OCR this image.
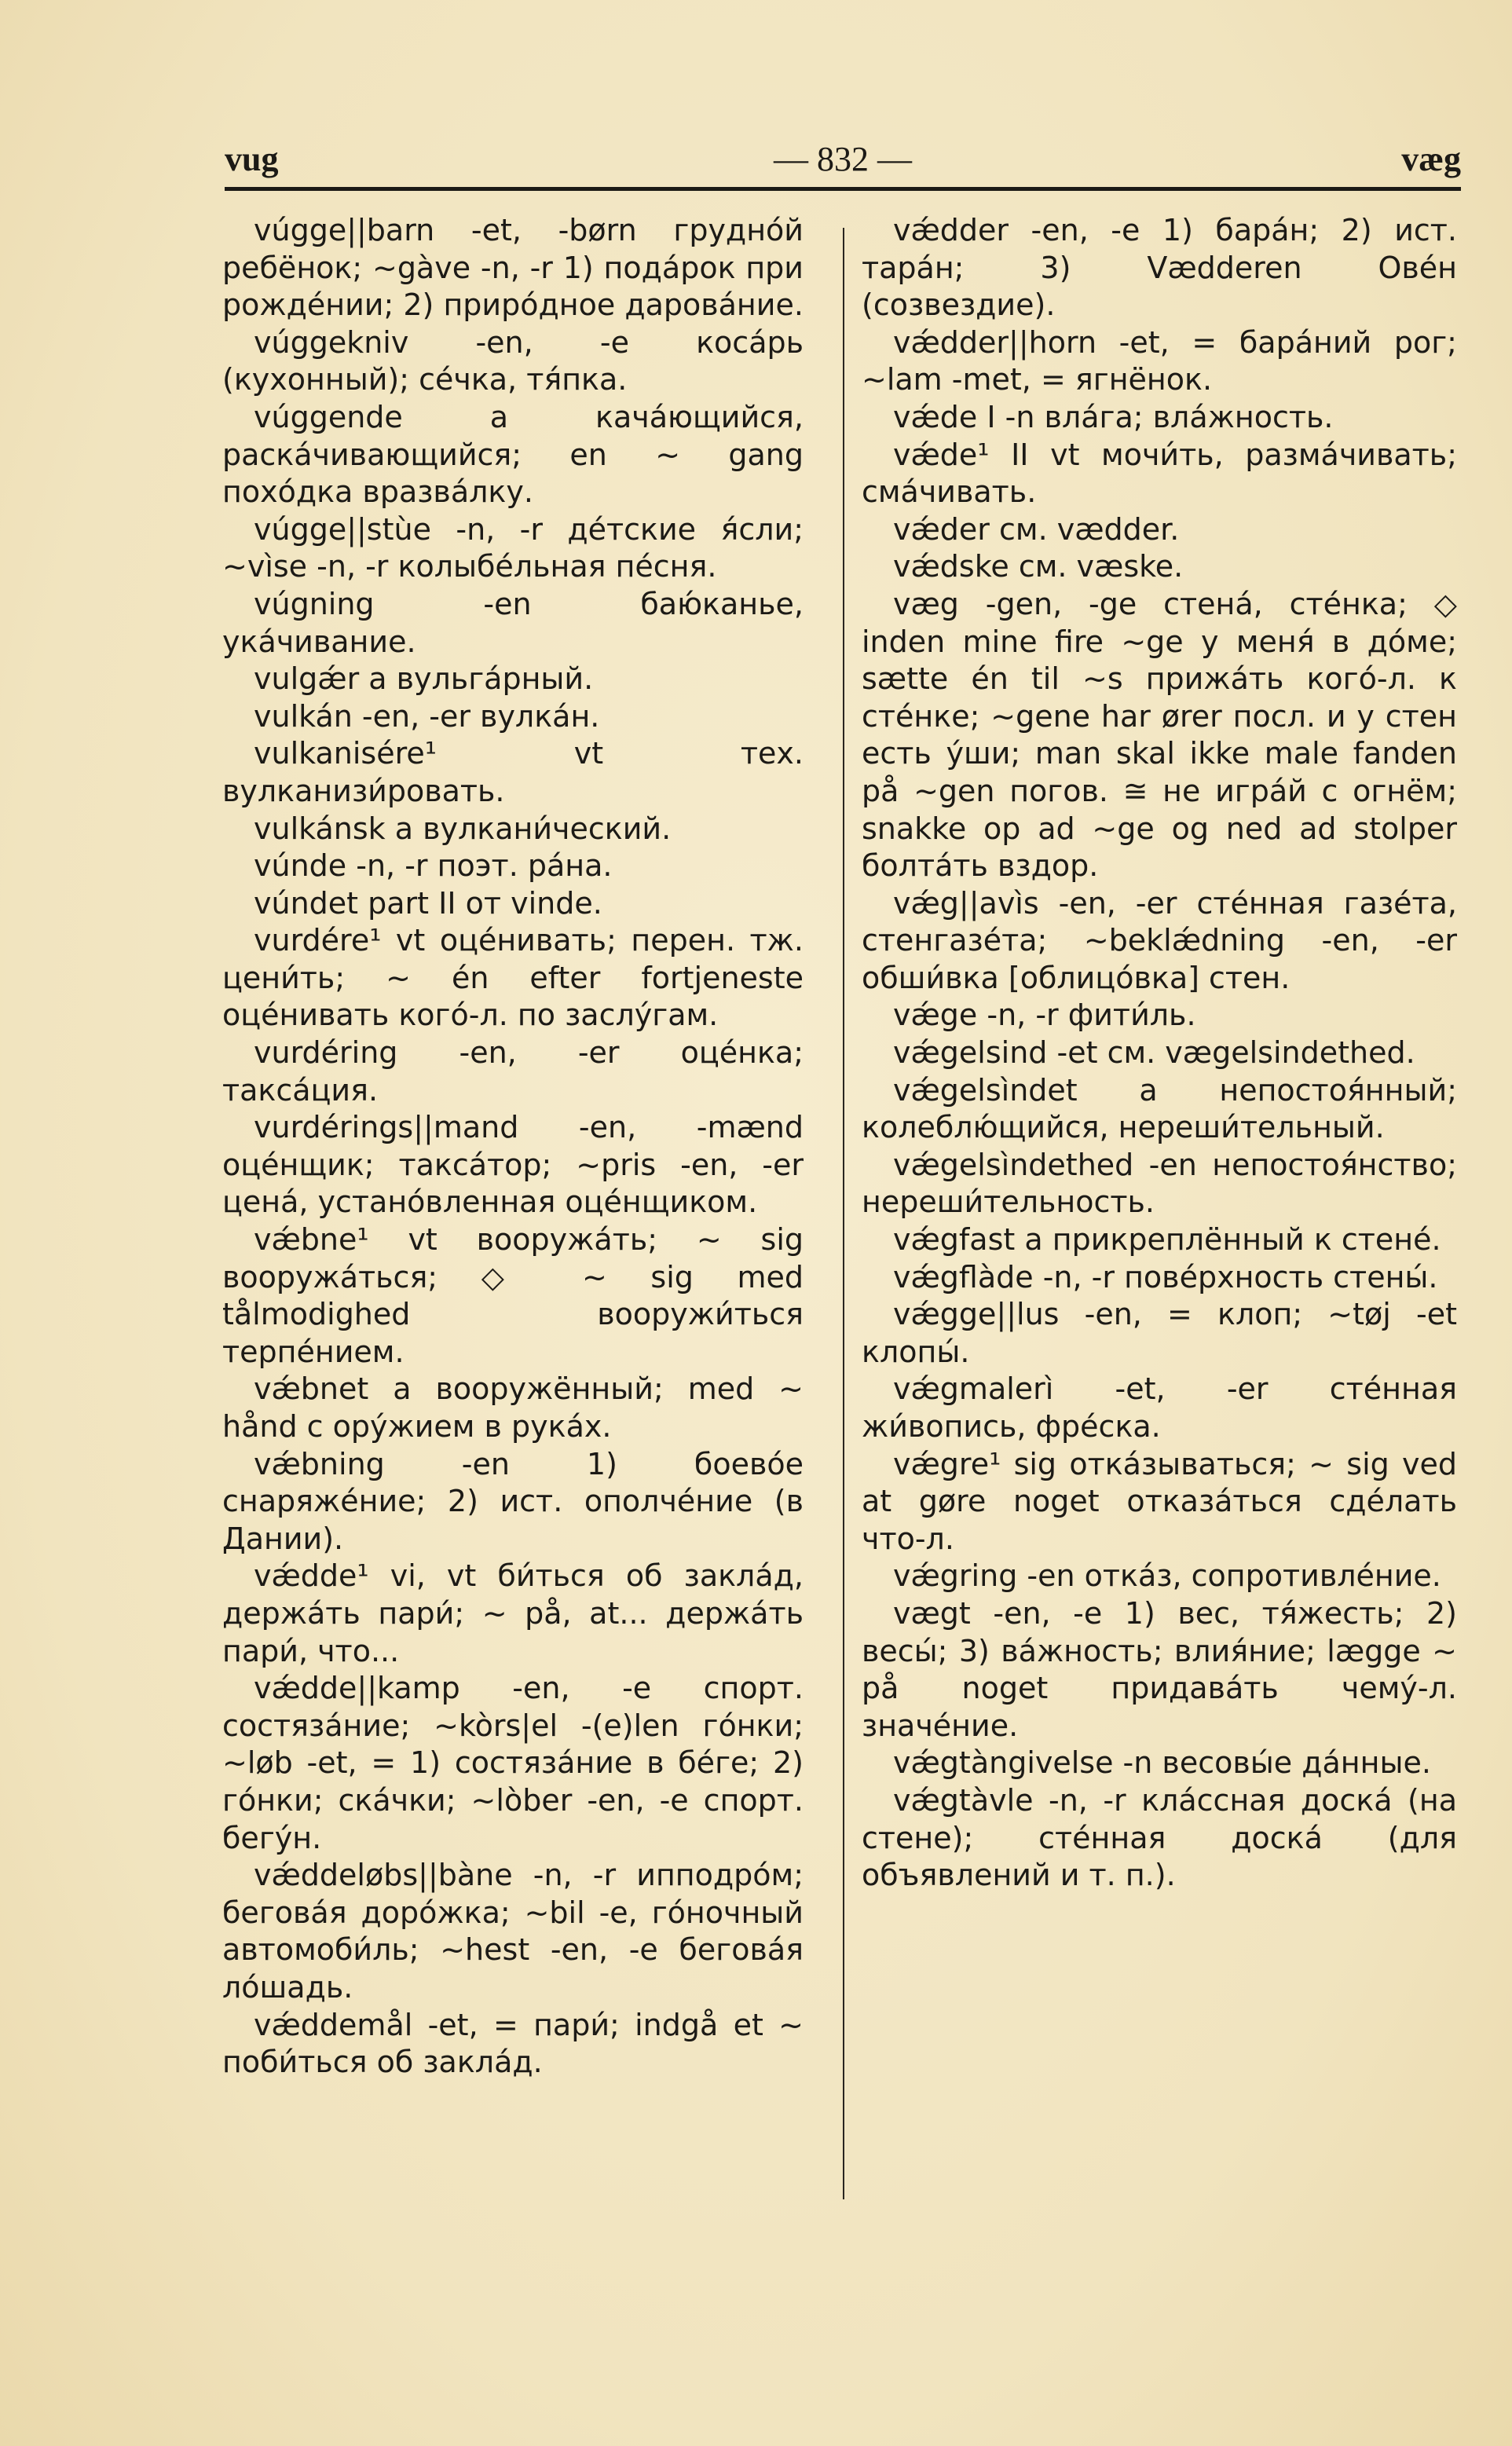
vug	— 832 —	væg

vúgge||barn -et, -børn грудно́й ребёнок; ~gàve -n, -r 1) пода́рок при рожде́нии; 2) приро́дное дарова́ние.

vúggekniv -en, -e коса́рь (кухонный); се́чка, тя́пка.

vúggende a кача́ющийся, раска́чивающийся; en ~ gang похо́дка вразва́лку.

vúgge||stùe -n, -r де́тские я́сли; ~vìse -n, -r колыбе́льная пе́сня.

vúgning -en баю́канье, ука́чивание.

vulgǽr a вульга́рный.

vulkán -en, -er вулка́н.

vulkanisére¹ vt тех. вулканизи́ровать.

vulkánsk a вулкани́ческий.

vúnde -n, -r поэт. ра́на.

vúndet part II от vinde.

vurdére¹ vt оце́нивать; перен. тж. цени́ть; ~ én efter fortjeneste оце́нивать кого́-л. по заслу́гам.

vurdéring -en, -er оце́нка; такса́ция.

vurdérings||mand -en, -mænd оце́нщик; такса́тор; ~pris -en, -er цена́, устано́вленная оце́нщиком.

vǽbne¹ vt вооружа́ть; ~ sig вооружа́ться; ◇ ~ sig med tålmodighed вооружи́ться терпе́нием.

vǽbnet a вооружённый; med ~ hånd с ору́жием в рука́х.

vǽbning -en 1) боево́е снаряже́ние; 2) ист. ополче́ние (в Дании).

vǽdde¹ vi, vt би́ться об закла́д, держа́ть пари́; ~ på, at... держа́ть пари́, что...

vǽdde||kamp -en, -e спорт. состяза́ние; ~kòrs|el -(e)len го́нки; ~løb -et, = 1) состяза́ние в бе́ге; 2) го́нки; ска́чки; ~lòber -en, -e спорт. бегу́н.

vǽddeløbs||bàne -n, -r ипподро́м; бегова́я доро́жка; ~bil -e, го́ночный автомоби́ль; ~hest -en, -e бегова́я ло́шадь.

vǽddemål -et, = пари́; indgå et ~ поби́ться об закла́д.

vǽdder -en, -e 1) бара́н; 2) ист. тара́н; 3) Vædderen Ове́н (созвездие).

vǽdder||horn -et, = бара́ний рог; ~lam -met, = ягнёнок.

vǽde I -n вла́га; вла́жность.

vǽde¹ II vt мочи́ть, разма́чивать; сма́чивать.

vǽder см. vædder.

vǽdske см. væske.

væg -gen, -ge стена́, сте́нка; ◇ inden mine fire ~ge у меня́ в до́ме; sætte én til ~s прижа́ть кого́-л. к сте́нке; ~gene har ører посл. и у стен есть у́ши; man skal ikke male fanden på ~gen погов. ≅ не игра́й с огнём; snakke op ad ~ge og ned ad stolper болта́ть вздор.

vǽg||avìs -en, -er сте́нная газе́та, стенгазе́та; ~beklǽdning -en, -er обши́вка [облицо́вка] стен.

vǽge -n, -r фити́ль.

vǽgelsind -et см. vægelsindethed.

vǽgelsìndet a непостоя́нный; колеблю́щийся, нереши́тельный.

vǽgelsìndethed -en непостоя́нство; нереши́тельность.

vǽgfast a прикреплённый к стене́.

vǽgflàde -n, -r пове́рхность стены́.

vǽgge||lus -en, = клоп; ~tøj -et клопы́.

vǽgmalerì -et, -er сте́нная жи́вопись, фре́ска.

vǽgre¹ sig отка́зываться; ~ sig ved at gøre noget отказа́ться сде́лать что-л.

vǽgring -en отка́з, сопротивле́ние.

vægt -en, -e 1) вес, тя́жесть; 2) весы́; 3) ва́жность; влия́ние; lægge ~ på noget придава́ть чему́-л. значе́ние.

vǽgtàngivelse -n весовы́е да́нные.

vǽgtàvle -n, -r кла́ссная доска́ (на стене); сте́нная доска́ (для объявлений и т. п.).
